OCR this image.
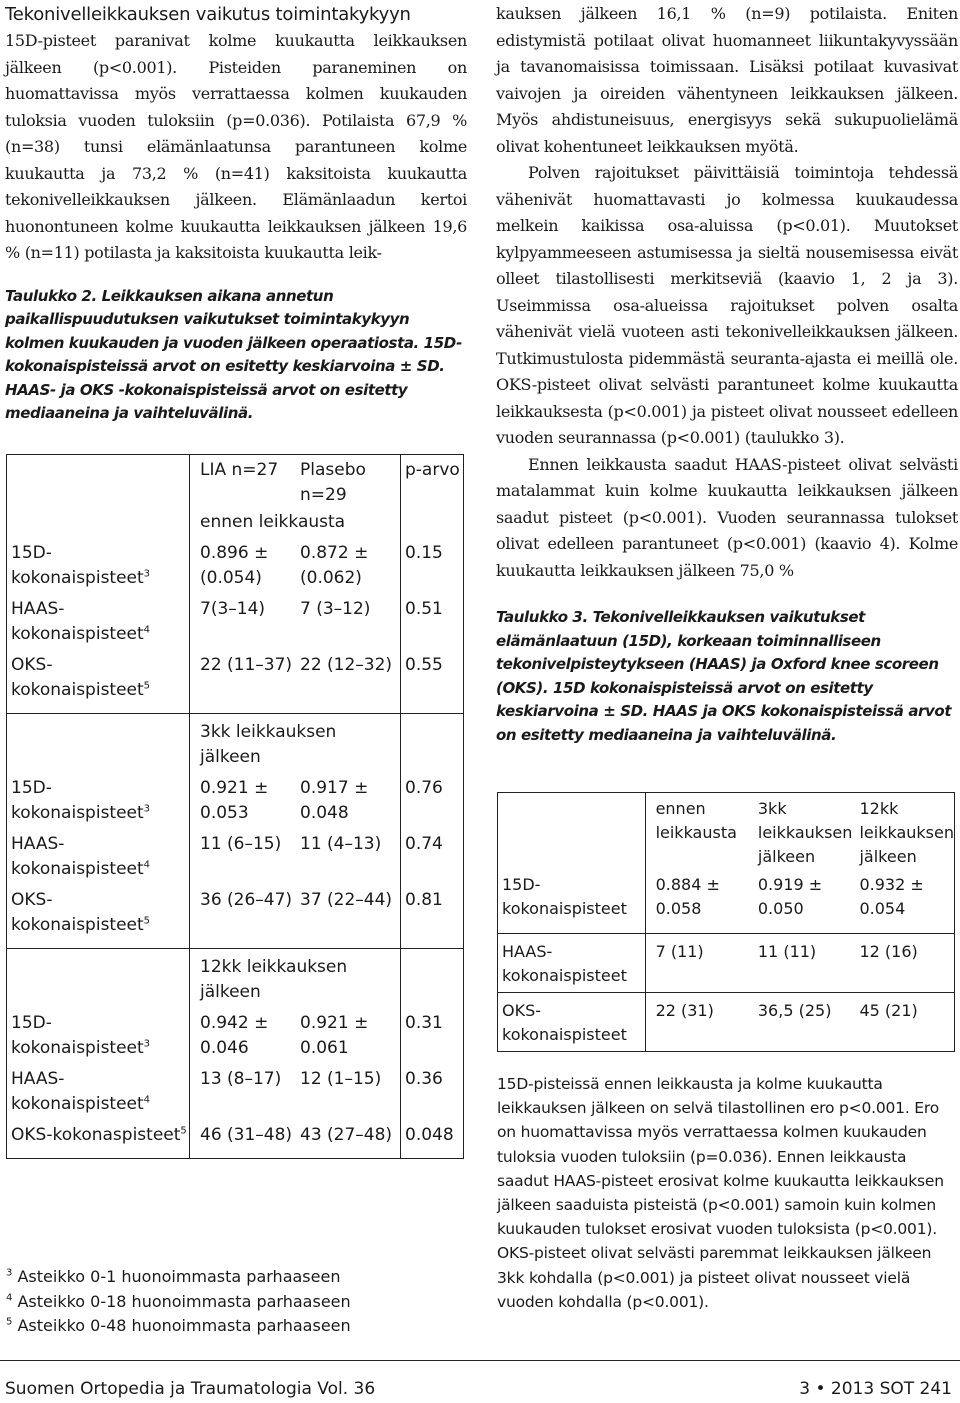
Tekonivelleikkauksen vaikutus toimintakykyyn

15D-pisteet paranivat kolme kuukautta leikkauksen jälkeen (p<0.001). Pisteiden paraneminen on huomattavissa myös verrattaessa kolmen kuukauden tuloksia vuoden tuloksiin (p=0.036). Potilaista 67,9 % (n=38) tunsi elämänlaatunsa parantuneen kolme kuukautta ja 73,2 % (n=41) kaksitoista kuukautta tekonivelleikkauksen jälkeen. Elämänlaadun kertoi huonontuneen kolme kuukautta leikkauksen jälkeen 19,6 % (n=11) potilasta ja kaksitoista kuukautta leik-

Taulukko 2. Leikkauksen aikana annetun paikallispuudutuksen vaikutukset toimintakykyyn kolmen kuukauden ja vuoden jälkeen operaatiosta. 15D-kokonaispisteissä arvot on esitetty keskiarvoina ± SD. HAAS- ja OKS -kokonaispisteissä arvot on esitetty mediaaneina ja vaihteluvälinä.

	LIA n=27	Plasebo n=29	p-arvo
	ennen leikkausta		
15D-kokonaispisteet$^3$	0.896 ± (0.054)	0.872 ± (0.062)	0.15
HAAS-kokonaispisteet$^4$	7(3–14)	7 (3–12)	0.51
OKS-kokonaispisteet$^5$	22 (11–37)	22 (12–32)	0.55
	3kk leikkauksen jälkeen		
15D-kokonaispisteet$^3$	0.921 ± 0.053	0.917 ± 0.048	0.76
HAAS-kokonaispisteet$^4$	11 (6–15)	11 (4–13)	0.74
OKS-kokonaispisteet$^5$	36 (26–47)	37 (22–44)	0.81
	12kk leikkauksen jälkeen		
15D-kokonaispisteet$^3$	0.942 ± 0.046	0.921 ± 0.061	0.31
HAAS-kokonaispisteet$^4$	13 (8–17)	12 (1–15)	0.36
OKS-kokonaspisteet$^5$	46 (31–48)	43 (27–48)	0.048
$^3$ Asteikko 0-1 huonoimmasta parhaaseen
$^4$ Asteikko 0-18 huonoimmasta parhaaseen
$^5$ Asteikko 0-48 huonoimmasta parhaaseen

kauksen jälkeen 16,1 % (n=9) potilaista. Eniten edistymistä potilaat olivat huomanneet liikuntakyvyssään ja tavanomaisissa toimissaan. Lisäksi potilaat kuvasivat vaivojen ja oireiden vähentyneen leikkauksen jälkeen. Myös ahdistuneisuus, energisyys sekä sukupuolielämä olivat kohentuneet leikkauksen myötä.

Polven rajoitukset päivittäisiä toimintoja tehdessä vähenivät huomattavasti jo kolmessa kuukaudessa melkein kaikissa osa-aluissa (p<0.01). Muutokset kylpyammeeseen astumisessa ja sieltä nousemisessa eivät olleet tilastollisesti merkitseviä (kaavio 1, 2 ja 3). Useimmissa osa-alueissa rajoitukset polven osalta vähenivät vielä vuoteen asti tekonivelleikkauksen jälkeen. Tutkimustulosta pidemmästä seuranta-ajasta ei meillä ole. OKS-pisteet olivat selvästi parantuneet kolme kuukautta leikkauksesta (p<0.001) ja pisteet olivat nousseet edelleen vuoden seurannassa (p<0.001) (taulukko 3).

Ennen leikkausta saadut HAAS-pisteet olivat selvästi matalammat kuin kolme kuukautta leikkauksen jälkeen saadut pisteet (p<0.001). Vuoden seurannassa tulokset olivat edelleen parantuneet (p<0.001) (kaavio 4). Kolme kuukautta leikkauksen jälkeen 75,0 %

Taulukko 3. Tekonivelleikkauksen vaikutukset elämänlaatuun (15D), korkeaan toiminnalliseen tekonivelpisteytykseen (HAAS) ja Oxford knee scoreen (OKS). 15D kokonaispisteissä arvot on esitetty keskiarvoina ± SD. HAAS ja OKS kokonaispisteissä arvot on esitetty mediaaneina ja vaihteluvälinä.

	ennen leikkausta	3kk leikkauksen jälkeen	12kk leikkauksen jälkeen
15D-kokonaispisteet	0.884 ± 0.058	0.919 ± 0.050	0.932 ± 0.054
HAAS-kokonaispisteet	7 (11)	11 (11)	12 (16)
OKS-kokonaispisteet	22 (31)	36,5 (25)	45 (21)
15D-pisteissä ennen leikkausta ja kolme kuukautta leikkauksen jälkeen on selvä tilastollinen ero p<0.001. Ero on huomattavissa myös verrattaessa kolmen kuukauden tuloksia vuoden tuloksiin (p=0.036). Ennen leikkausta saadut HAAS-pisteet erosivat kolme kuukautta leikkauksen jälkeen saaduista pisteistä (p<0.001) samoin kuin kolmen kuukauden tulokset erosivat vuoden tuloksista (p<0.001). OKS-pisteet olivat selvästi paremmat leikkauksen jälkeen 3kk kohdalla (p<0.001) ja pisteet olivat nousseet vielä vuoden kohdalla (p<0.001).
Suomen Ortopedia ja Traumatologia Vol. 36	3 • 2013 SOT 241
